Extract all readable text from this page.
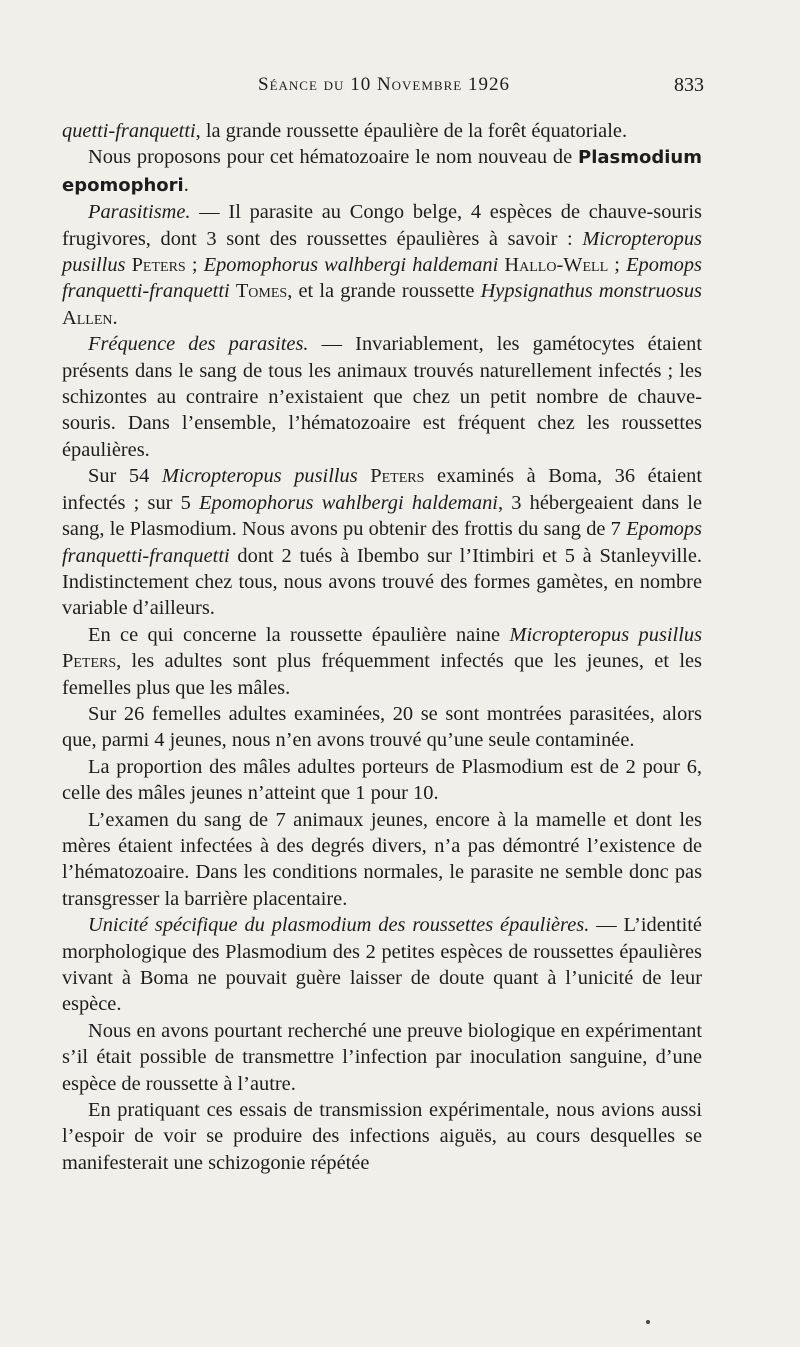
Séance du 10 Novembre 1926	833

quetti-franquetti, la grande roussette épaulière de la forêt équatoriale.

Nous proposons pour cet hématozoaire le nom nouveau de Plasmodium epomophori.

Parasitisme. — Il parasite au Congo belge, 4 espèces de chauve-souris frugivores, dont 3 sont des roussettes épaulières à savoir : Micropteropus pusillus Peters ; Epomophorus walhbergi haldemani Hallo-Well ; Epomops franquetti-franquetti Tomes, et la grande roussette Hypsignathus monstruosus Allen.

Fréquence des parasites. — Invariablement, les gamétocytes étaient présents dans le sang de tous les animaux trouvés naturellement infectés ; les schizontes au contraire n’existaient que chez un petit nombre de chauve-souris. Dans l’ensemble, l’hématozoaire est fréquent chez les roussettes épaulières.

Sur 54 Micropteropus pusillus Peters examinés à Boma, 36 étaient infectés ; sur 5 Epomophorus wahlbergi haldemani, 3 hébergeaient dans le sang, le Plasmodium. Nous avons pu obtenir des frottis du sang de 7 Epomops franquetti-franquetti dont 2 tués à Ibembo sur l’Itimbiri et 5 à Stanleyville. Indistinctement chez tous, nous avons trouvé des formes gamètes, en nombre variable d’ailleurs.

En ce qui concerne la roussette épaulière naine Micropteropus pusillus Peters, les adultes sont plus fréquemment infectés que les jeunes, et les femelles plus que les mâles.

Sur 26 femelles adultes examinées, 20 se sont montrées parasitées, alors que, parmi 4 jeunes, nous n’en avons trouvé qu’une seule contaminée.

La proportion des mâles adultes porteurs de Plasmodium est de 2 pour 6, celle des mâles jeunes n’atteint que 1 pour 10.

L’examen du sang de 7 animaux jeunes, encore à la mamelle et dont les mères étaient infectées à des degrés divers, n’a pas démontré l’existence de l’hématozoaire. Dans les conditions normales, le parasite ne semble donc pas transgresser la barrière placentaire.

Unicité spécifique du plasmodium des roussettes épaulières. — L’identité morphologique des Plasmodium des 2 petites espèces de roussettes épaulières vivant à Boma ne pouvait guère laisser de doute quant à l’unicité de leur espèce.

Nous en avons pourtant recherché une preuve biologique en expérimentant s’il était possible de transmettre l’infection par inoculation sanguine, d’une espèce de roussette à l’autre.

En pratiquant ces essais de transmission expérimentale, nous avions aussi l’espoir de voir se produire des infections aiguës, au cours desquelles se manifesterait une schizogonie répétée
